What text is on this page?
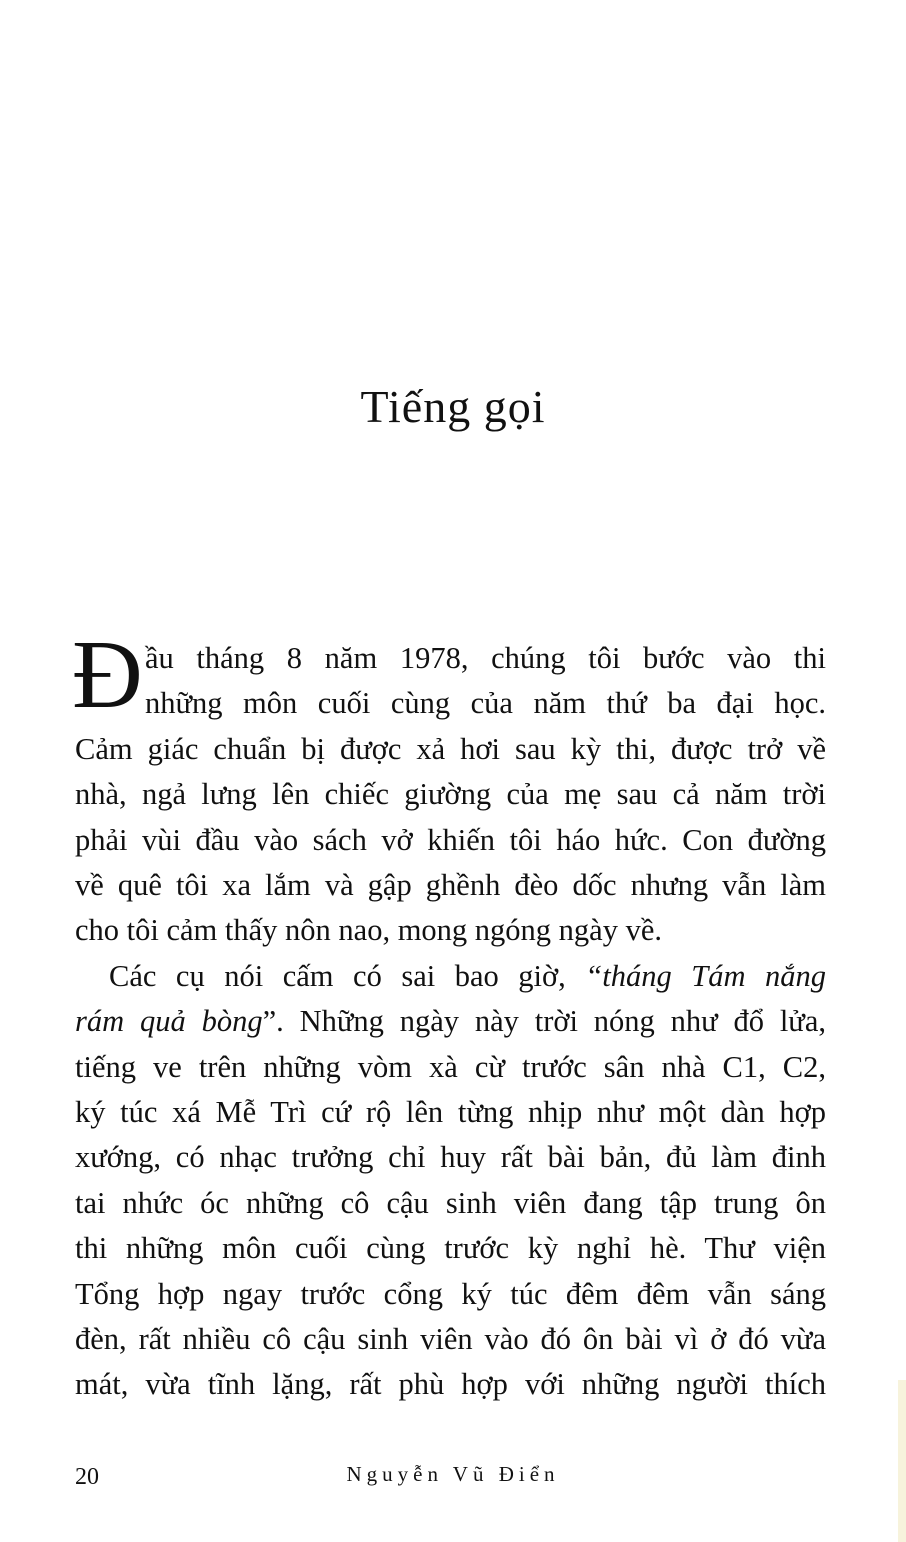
Tiếng gọi
Đ ầu tháng 8 năm 1978, chúng tôi bước vào thi
những môn cuối cùng của năm thứ ba đại học.
Cảm giác chuẩn bị được xả hơi sau kỳ thi, được trở về
nhà, ngả lưng lên chiếc giường của mẹ sau cả năm trời
phải vùi đầu vào sách vở khiến tôi háo hức. Con đường
về quê tôi xa lắm và gập ghềnh đèo dốc nhưng vẫn làm
cho tôi cảm thấy nôn nao, mong ngóng ngày về.
Các cụ nói cấm có sai bao giờ, “tháng Tám nắng
rám quả bòng”. Những ngày này trời nóng như đổ lửa,
tiếng ve trên những vòm xà cừ trước sân nhà C1, C2,
ký túc xá Mễ Trì cứ rộ lên từng nhịp như một dàn hợp
xướng, có nhạc trưởng chỉ huy rất bài bản, đủ làm đinh
tai nhức óc những cô cậu sinh viên đang tập trung ôn
thi những môn cuối cùng trước kỳ nghỉ hè. Thư viện
Tổng hợp ngay trước cổng ký túc đêm đêm vẫn sáng
đèn, rất nhiều cô cậu sinh viên vào đó ôn bài vì ở đó vừa
mát, vừa tĩnh lặng, rất phù hợp với những người thích
20	Nguyễn Vũ Điển
